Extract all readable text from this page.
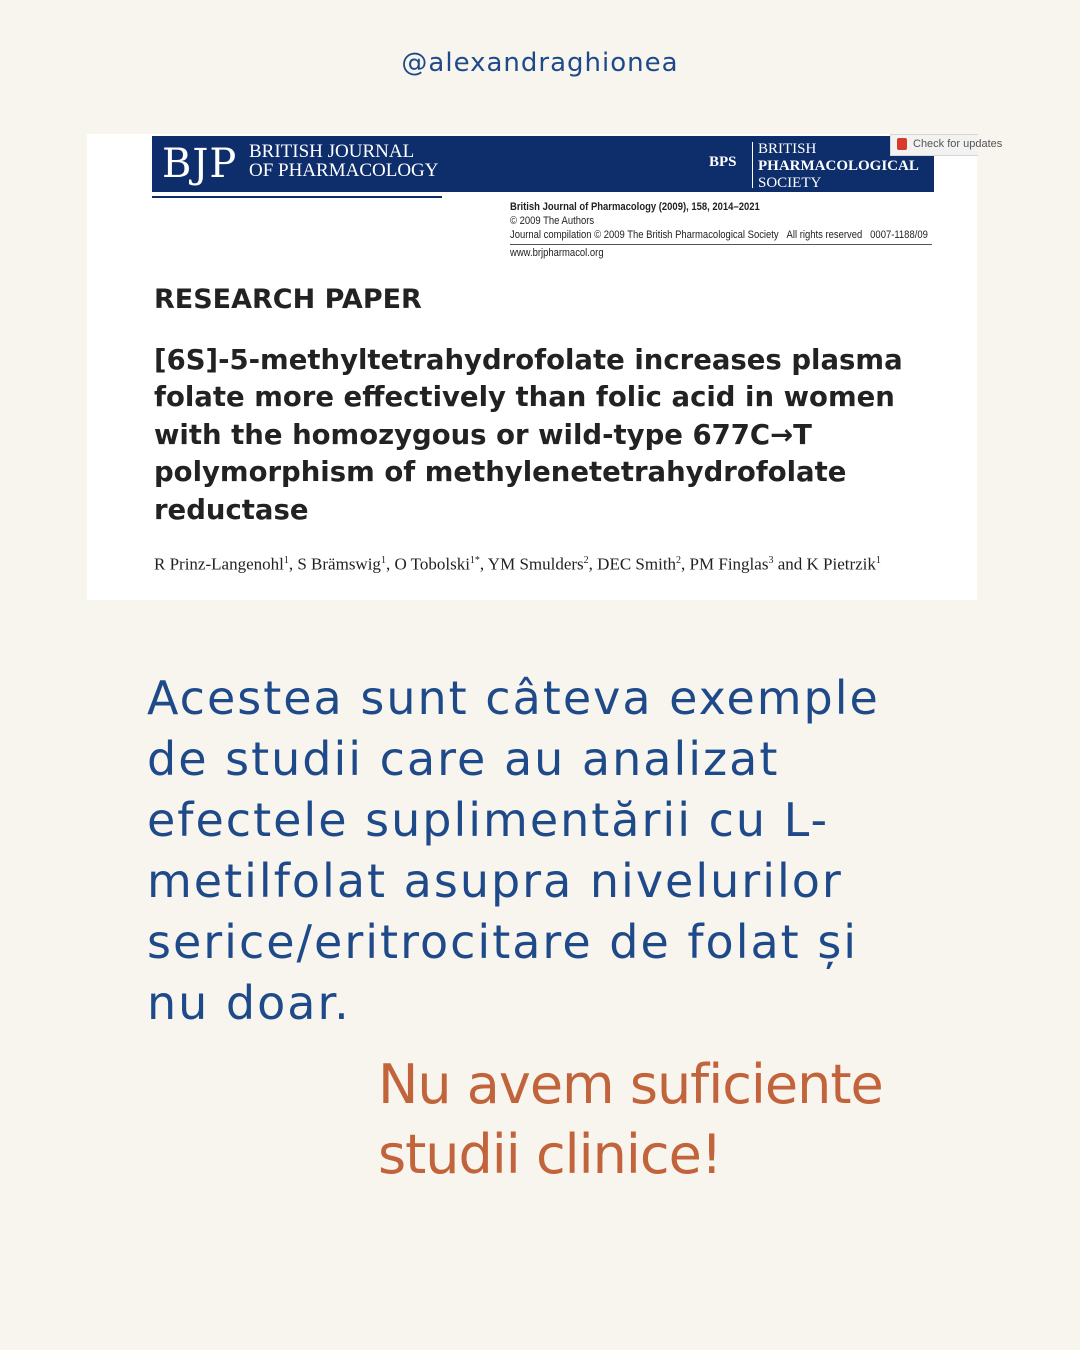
@alexandraghionea
BJP BRITISH JOURNAL
OF PHARMACOLOGY	BPS
BRITISH
PHARMACOLOGICAL
SOCIETY
Check for updates
British Journal of Pharmacology (2009), 158, 2014–2021
© 2009 The Authors
Journal compilation © 2009 The British Pharmacological Society All rights reserved 0007-1188/09
www.brjpharmacol.org
RESEARCH PAPER
[6S]-5-methyltetrahydrofolate increases plasma folate more effectively than folic acid in women with the homozygous or wild-type 677C→T polymorphism of methylenetetrahydrofolate reductase
R Prinz-Langenohl$^1$, S Brämswig$^1$, O Tobolski$^{1*}$, YM Smulders$^2$, DEC Smith$^2$, PM Finglas$^3$ and K Pietrzik$^1$

Acestea sunt câteva exemple de studii care au analizat efectele suplimentării cu L-metilfolat asupra nivelurilor serice/eritrocitare de folat și nu doar.

Nu avem suficiente
studii clinice!
